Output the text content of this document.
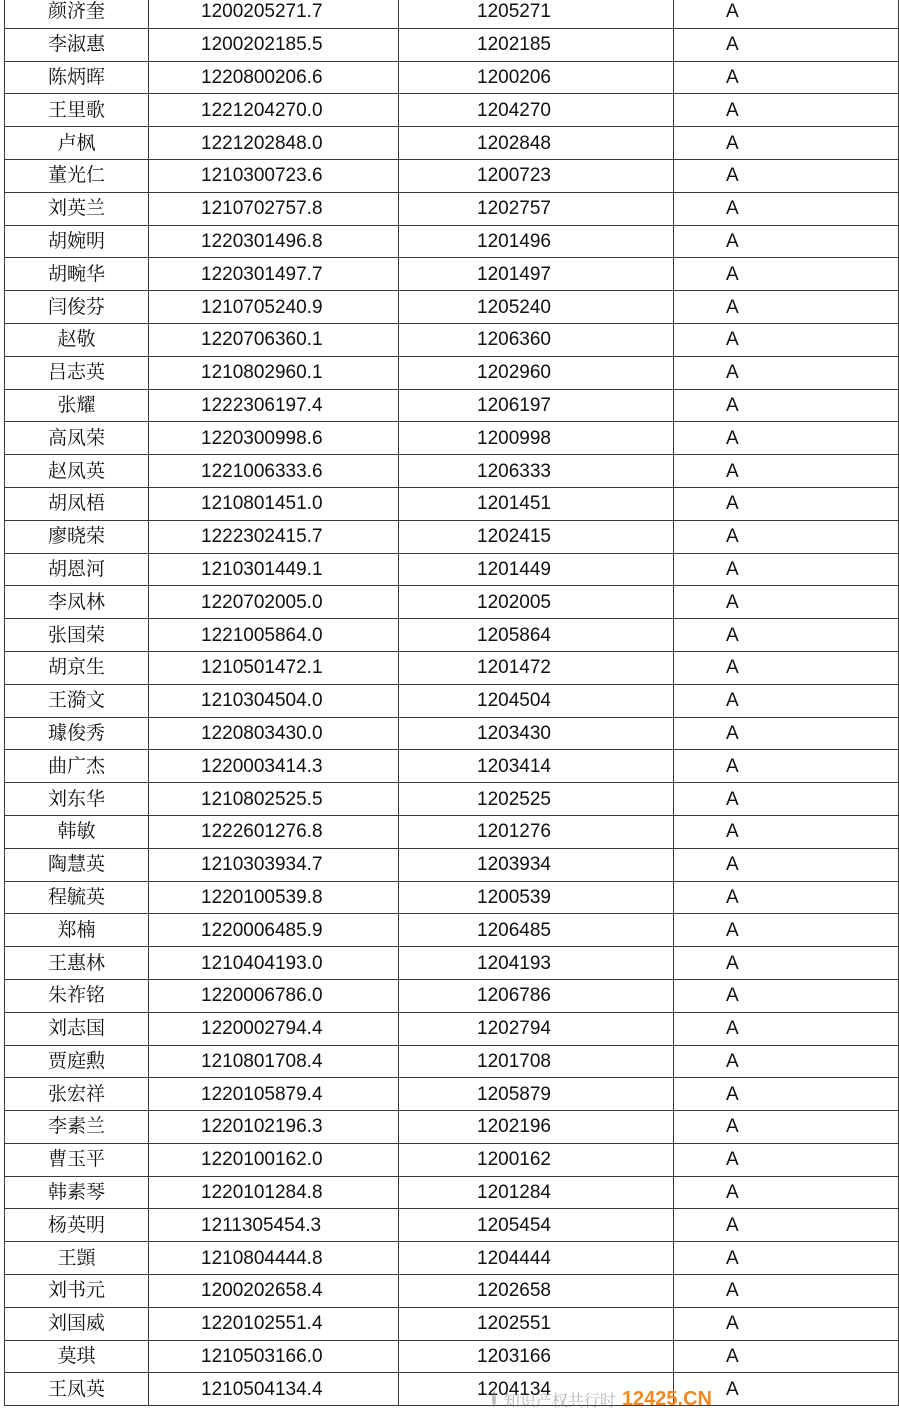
颜济奎	1200205271.7	1205271	A
李淑惠	1200202185.5	1202185	A
陈炳晖	1220800206.6	1200206	A
王里歌	1221204270.0	1204270	A
卢枫	1221202848.0	1202848	A
董光仁	1210300723.6	1200723	A
刘英兰	1210702757.8	1202757	A
胡婉明	1220301496.8	1201496	A
胡畹华	1220301497.7	1201497	A
闫俊芬	1210705240.9	1205240	A
赵敬	1220706360.1	1206360	A
吕志英	1210802960.1	1202960	A
张耀	1222306197.4	1206197	A
高凤荣	1220300998.6	1200998	A
赵凤英	1221006333.6	1206333	A
胡凤梧	1210801451.0	1201451	A
廖晓荣	1222302415.7	1202415	A
胡恩河	1210301449.1	1201449	A
李凤林	1220702005.0	1202005	A
张国荣	1221005864.0	1205864	A
胡京生	1210501472.1	1201472	A
王漪文	1210304504.0	1204504	A
璩俊秀	1220803430.0	1203430	A
曲广杰	1220003414.3	1203414	A
刘东华	1210802525.5	1202525	A
韩敏	1222601276.8	1201276	A
陶慧英	1210303934.7	1203934	A
程毓英	1220100539.8	1200539	A
郑楠	1220006485.9	1206485	A
王惠林	1210404193.0	1204193	A
朱祚铭	1220006786.0	1206786	A
刘志国	1220002794.4	1202794	A
贾庭勲	1210801708.4	1201708	A
张宏祥	1220105879.4	1205879	A
李素兰	1220102196.3	1202196	A
曹玉平	1220100162.0	1200162	A
韩素琴	1220101284.8	1201284	A
杨英明	1211305454.3	1205454	A
王顗	1210804444.8	1204444	A
刘书元	1200202658.4	1202658	A
刘国威	1220102551.4	1202551	A
莫琪	1210503166.0	1203166	A
王凤英	1210504134.4	1204134	A
知识产权共行时 12425.CN
